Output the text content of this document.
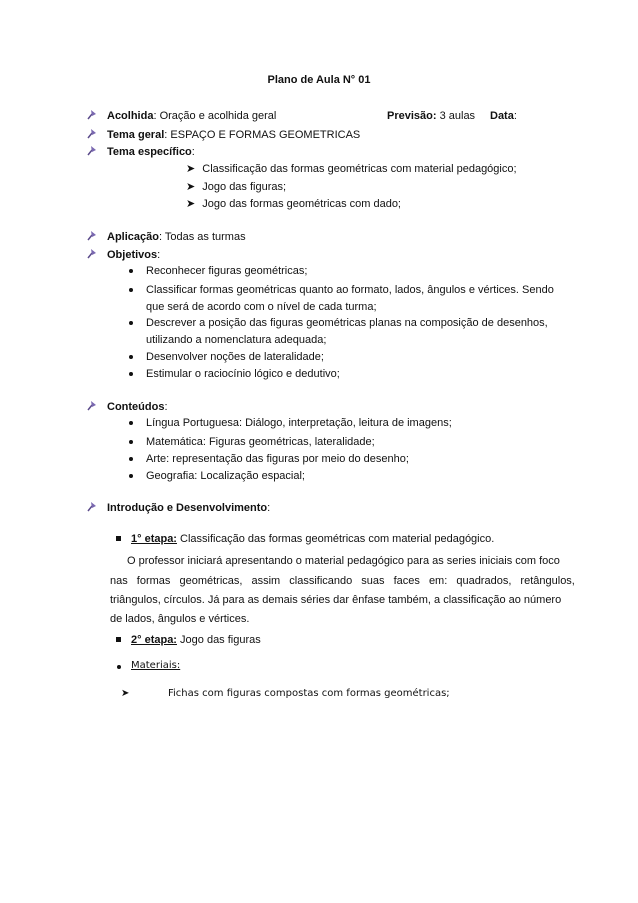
Plano de Aula N° 01
Acolhida: Oração e acolhida geral	Previsão: 3 aulas Data:
Tema geral: ESPAÇO E FORMAS GEOMETRICAS
Tema específico:
➤ Classificação das formas geométricas com material pedagógico;
➤ Jogo das figuras;
➤ Jogo das formas geométricas com dado;
Aplicação: Todas as turmas
Objetivos:
Reconhecer figuras geométricas;
Classificar formas geométricas quanto ao formato, lados, ângulos e vértices. Sendo
que será de acordo com o nível de cada turma;
Descrever a posição das figuras geométricas planas na composição de desenhos,
utilizando a nomenclatura adequada;
Desenvolver noções de lateralidade;
Estimular o raciocínio lógico e dedutivo;
Conteúdos:
Língua Portuguesa: Diálogo, interpretação, leitura de imagens;
Matemática: Figuras geométricas, lateralidade;
Arte: representação das figuras por meio do desenho;
Geografia: Localização espacial;
Introdução e Desenvolvimento:
1° etapa: Classificação das formas geométricas com material pedagógico.
O professor iniciará apresentando o material pedagógico para as series iniciais com foco
nas formas geométricas, assim classificando suas faces em: quadrados, retângulos,
triângulos, círculos. Já para as demais séries dar ênfase também, a classificação ao número
de lados, ângulos e vértices.
2° etapa: Jogo das figuras
Materiais:
➤	Fichas com figuras compostas com formas geométricas;
